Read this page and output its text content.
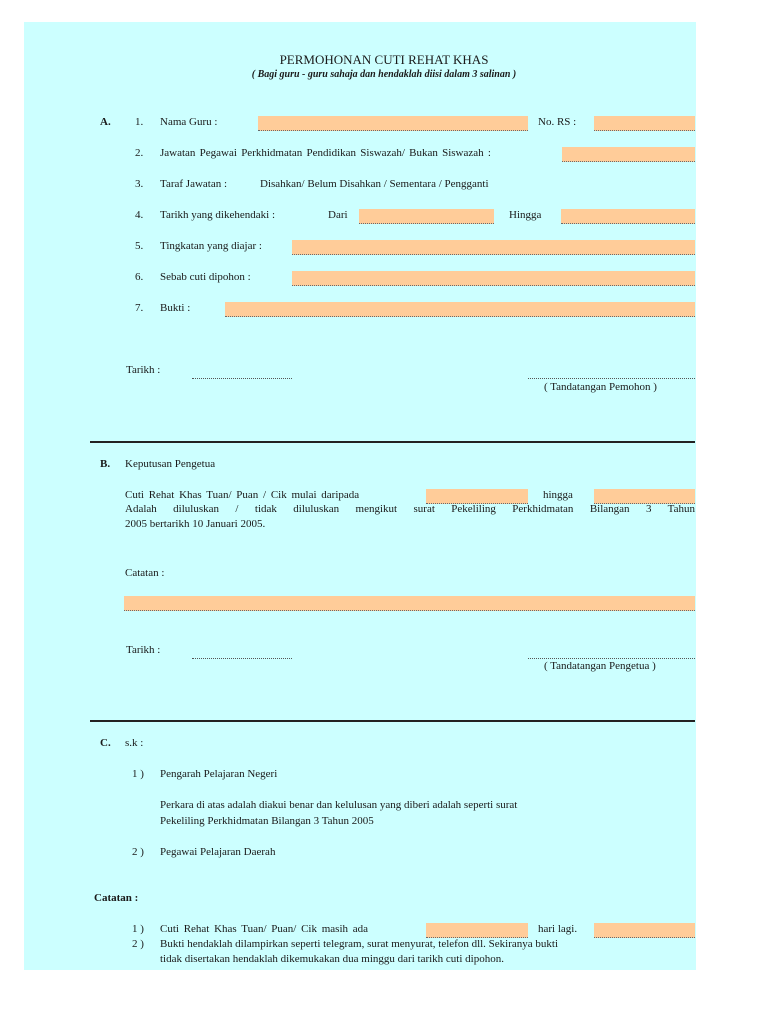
PERMOHONAN CUTI REHAT KHAS
( Bagi guru - guru sahaja dan hendaklah diisi dalam 3 salinan )
A. 1. Nama Guru :	No. RS :
2. Jawatan Pegawai Perkhidmatan Pendidikan Siswazah/ Bukan Siswazah :
3. Taraf Jawatan :	Disahkan/ Belum Disahkan / Sementara / Pengganti
4. Tarikh yang dikehendaki :	Dari	Hingga
5. Tingkatan yang diajar :
6. Sebab cuti dipohon :
7. Bukti :
Tarikh :
( Tandatangan Pemohon )
B. Keputusan Pengetua
Cuti Rehat Khas Tuan/ Puan / Cik mulai daripada	hingga
Adalah diluluskan / tidak diluluskan mengikut surat Pekeliling Perkhidmatan Bilangan 3 Tahun
2005 bertarikh 10 Januari 2005.
Catatan :
Tarikh :
( Tandatangan Pengetua )
C. s.k :
1 ) Pengarah Pelajaran Negeri
Perkara di atas adalah diakui benar dan kelulusan yang diberi adalah seperti surat
Pekeliling Perkhidmatan Bilangan 3 Tahun 2005
2 ) Pegawai Pelajaran Daerah
Catatan :
1 ) Cuti Rehat Khas Tuan/ Puan/ Cik masih ada	hari lagi.
2 ) Bukti hendaklah dilampirkan seperti telegram, surat menyurat, telefon dll. Sekiranya bukti
tidak disertakan hendaklah dikemukakan dua minggu dari tarikh cuti dipohon.
